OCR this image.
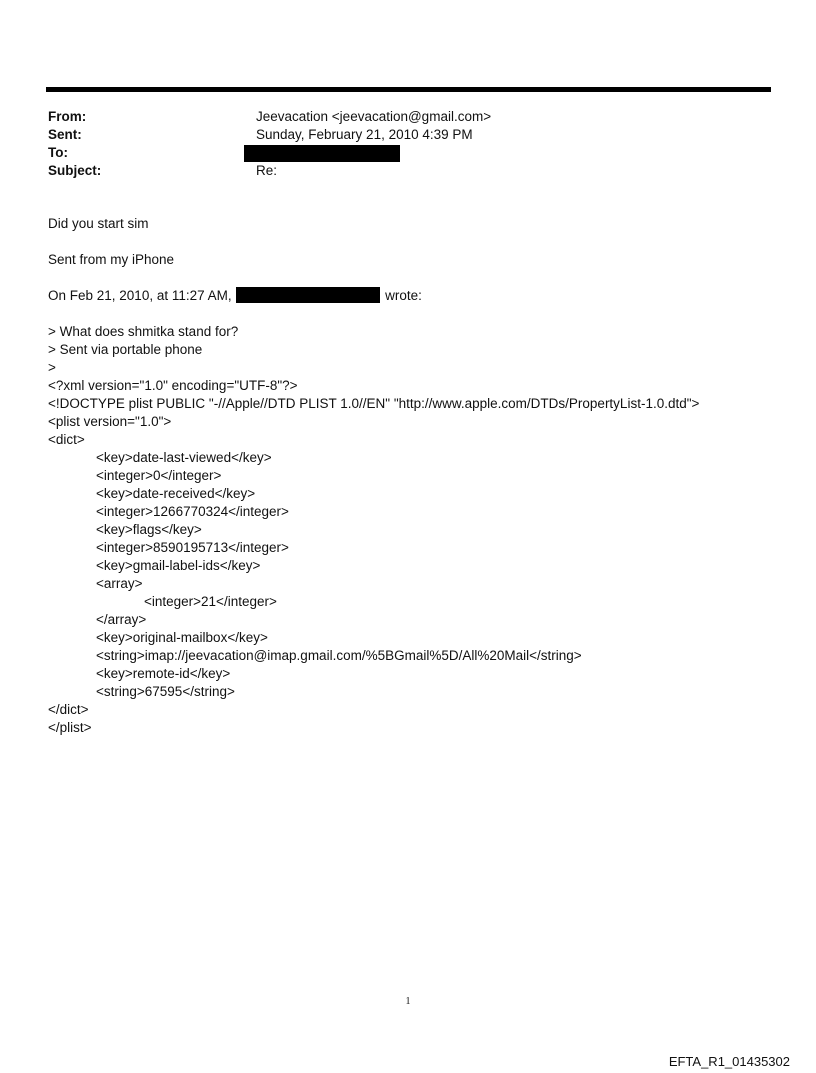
From:	Jeevacation <jeevacation@gmail.com>
Sent:	Sunday, February 21, 2010 4:39 PM
To:
Subject:	Re:

Did you start sim

Sent from my iPhone

On Feb 21, 2010, at 11:27 AM,	wrote:

> What does shmitka stand for?

> Sent via portable phone

>

<?xml version="1.0" encoding="UTF-8"?>

<!DOCTYPE plist PUBLIC "-//Apple//DTD PLIST 1.0//EN" "http://www.apple.com/DTDs/PropertyList-1.0.dtd">

<plist version="1.0">

<dict>

<key>date-last-viewed</key>

<integer>0</integer>

<key>date-received</key>

<integer>1266770324</integer>

<key>flags</key>

<integer>8590195713</integer>

<key>gmail-label-ids</key>

<array>

<integer>21</integer>

</array>

<key>original-mailbox</key>

<string>imap://jeevacation@imap.gmail.com/%5BGmail%5D/All%20Mail</string>

<key>remote-id</key>

<string>67595</string>

</dict>

</plist>

1
EFTA_R1_01435302
